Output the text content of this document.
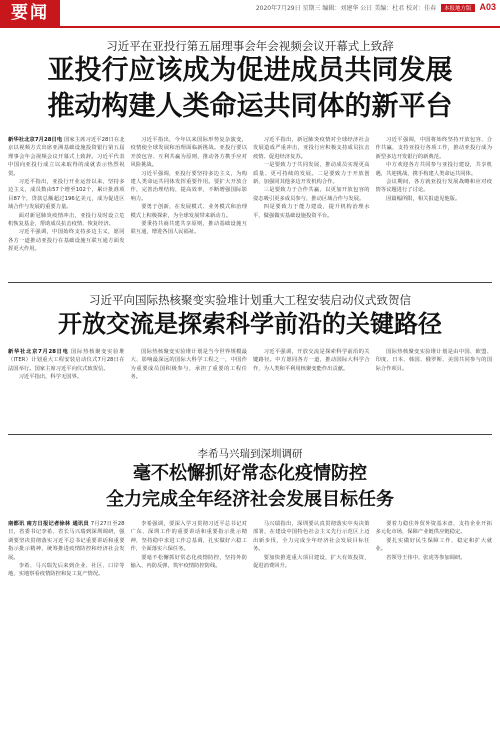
要闻	2020年7月29日 星期三 编辑：刘建华 公日 美编：杜君 校对：佳春 本报地方版 A03
习近平在亚投行第五届理事会年会视频会议开幕式上致辞
亚投行应该成为促进成员共同发展
推动构建人类命运共同体的新平台

新华社北京7月28日电 国家主席习近平28日在北京以视频方式出席亚洲基础设施投资银行第五届理事会年会视频会议开幕式上致辞。习近平代表中国向亚投行成立以来取得的成就表示热烈祝贺。

习近平指出，亚投行开业运营以来，坚持多边主义，成员数由57个增至102个，累计批准项目87个，贷款总额超过196亿美元，成为促进区域合作与发展的重要力量。

面对新冠肺炎疫情冲击，亚投行及时设立危机恢复基金，帮助成员抗击疫情、恢复经济。

习近平强调，中国始终支持多边主义，愿同各方一道推动亚投行在基础设施互联互通方面发挥更大作用。

习近平指出，今年以来国际形势复杂演变，疫情使全球发展和治理面临新挑战。亚投行要以开放包容、互利共赢为原则，推动各方携手应对风险挑战。

习近平强调，亚投行要坚持多边主义，为构建人类命运共同体发挥重要作用。要扩大开放合作，完善治理结构，提高效率，不断增强国际影响力。

要勇于创新，在发展模式、业务模式和治理模式上积极探索，为全球发展带来新动力。

要秉持共商共建共享原则，推动基础设施互联互通，增进各国人民福祉。

习近平指出，新冠肺炎疫情对全球经济社会发展造成严重冲击，亚投行应积极支持成员抗击疫情、促进经济复苏。

一是要致力于共同发展，推动成员实现更高质量、更可持续的发展。二是要致力于开放创新，加强同其他多边开发机构合作。

三是要致力于合作共赢，以更加开放包容的姿态吸引更多成员参与，推动区域合作与发展。

四是要致力于能力建设，提升机构治理水平，做强做实基础设施投资平台。

习近平强调，中国将始终坚持开放包容、合作共赢，支持亚投行各项工作，推动亚投行成为新型多边开发银行的新典范。

中方欢迎各方共同参与亚投行建设，共享机遇，共迎挑战，携手构建人类命运共同体。

会议期间，各方就亚投行发展战略和应对疫情等议题进行了讨论。

因篇幅所限，相关报道见他版。

习近平向国际热核聚变实验堆计划重大工程安装启动仪式致贺信
开放交流是探索科学前沿的关键路径

新华社北京7月28日电 国际热核聚变实验堆（ITER）计划重大工程安装启动仪式7月28日在法国举行。国家主席习近平向仪式致贺信。

习近平指出，科学无国界。

国际热核聚变实验堆计划是当今世界规模最大、影响最深远的国际大科学工程之一，中国作为重要成员国积极参与，承担了重要的工程任务。

习近平强调，开放交流是探索科学前沿的关键路径。中方愿同各方一道，推动国际大科学合作，为人类和平利用核聚变能作出贡献。

国际热核聚变实验堆计划是由中国、欧盟、印度、日本、韩国、俄罗斯、美国共同参与的国际合作项目。

李希马兴瑞到深圳调研
毫不松懈抓好常态化疫情防控
全力完成全年经济社会发展目标任务

南都讯 南方日报记者徐林 通讯员 7月27日至28日，省委书记李希、省长马兴瑞到深圳调研，强调要坚决贯彻落实习近平总书记重要讲话和重要指示批示精神，统筹推进疫情防控和经济社会发展。

李希、马兴瑞先后来到企业、社区、口岸等地，实地察看疫情防控和复工复产情况。

李希强调，要深入学习贯彻习近平总书记对广东、深圳工作的重要讲话和重要指示批示精神，坚持稳中求进工作总基调，扎实做好六稳工作，全面落实六保任务。

要毫不松懈抓好常态化疫情防控，坚持外防输入、内防反弹，筑牢疫情防控防线。

马兴瑞指出，深圳要认真贯彻落实中央决策部署，在建设中国特色社会主义先行示范区上迈出新步伐，全力完成全年经济社会发展目标任务。

要加快推进重大项目建设，扩大有效投资，促进消费回升。

要着力稳住外贸外资基本盘，支持企业开拓多元化市场，保障产业链供应链稳定。

要扎实做好民生保障工作，稳定和扩大就业。

省领导王伟中、张虎等参加调研。
